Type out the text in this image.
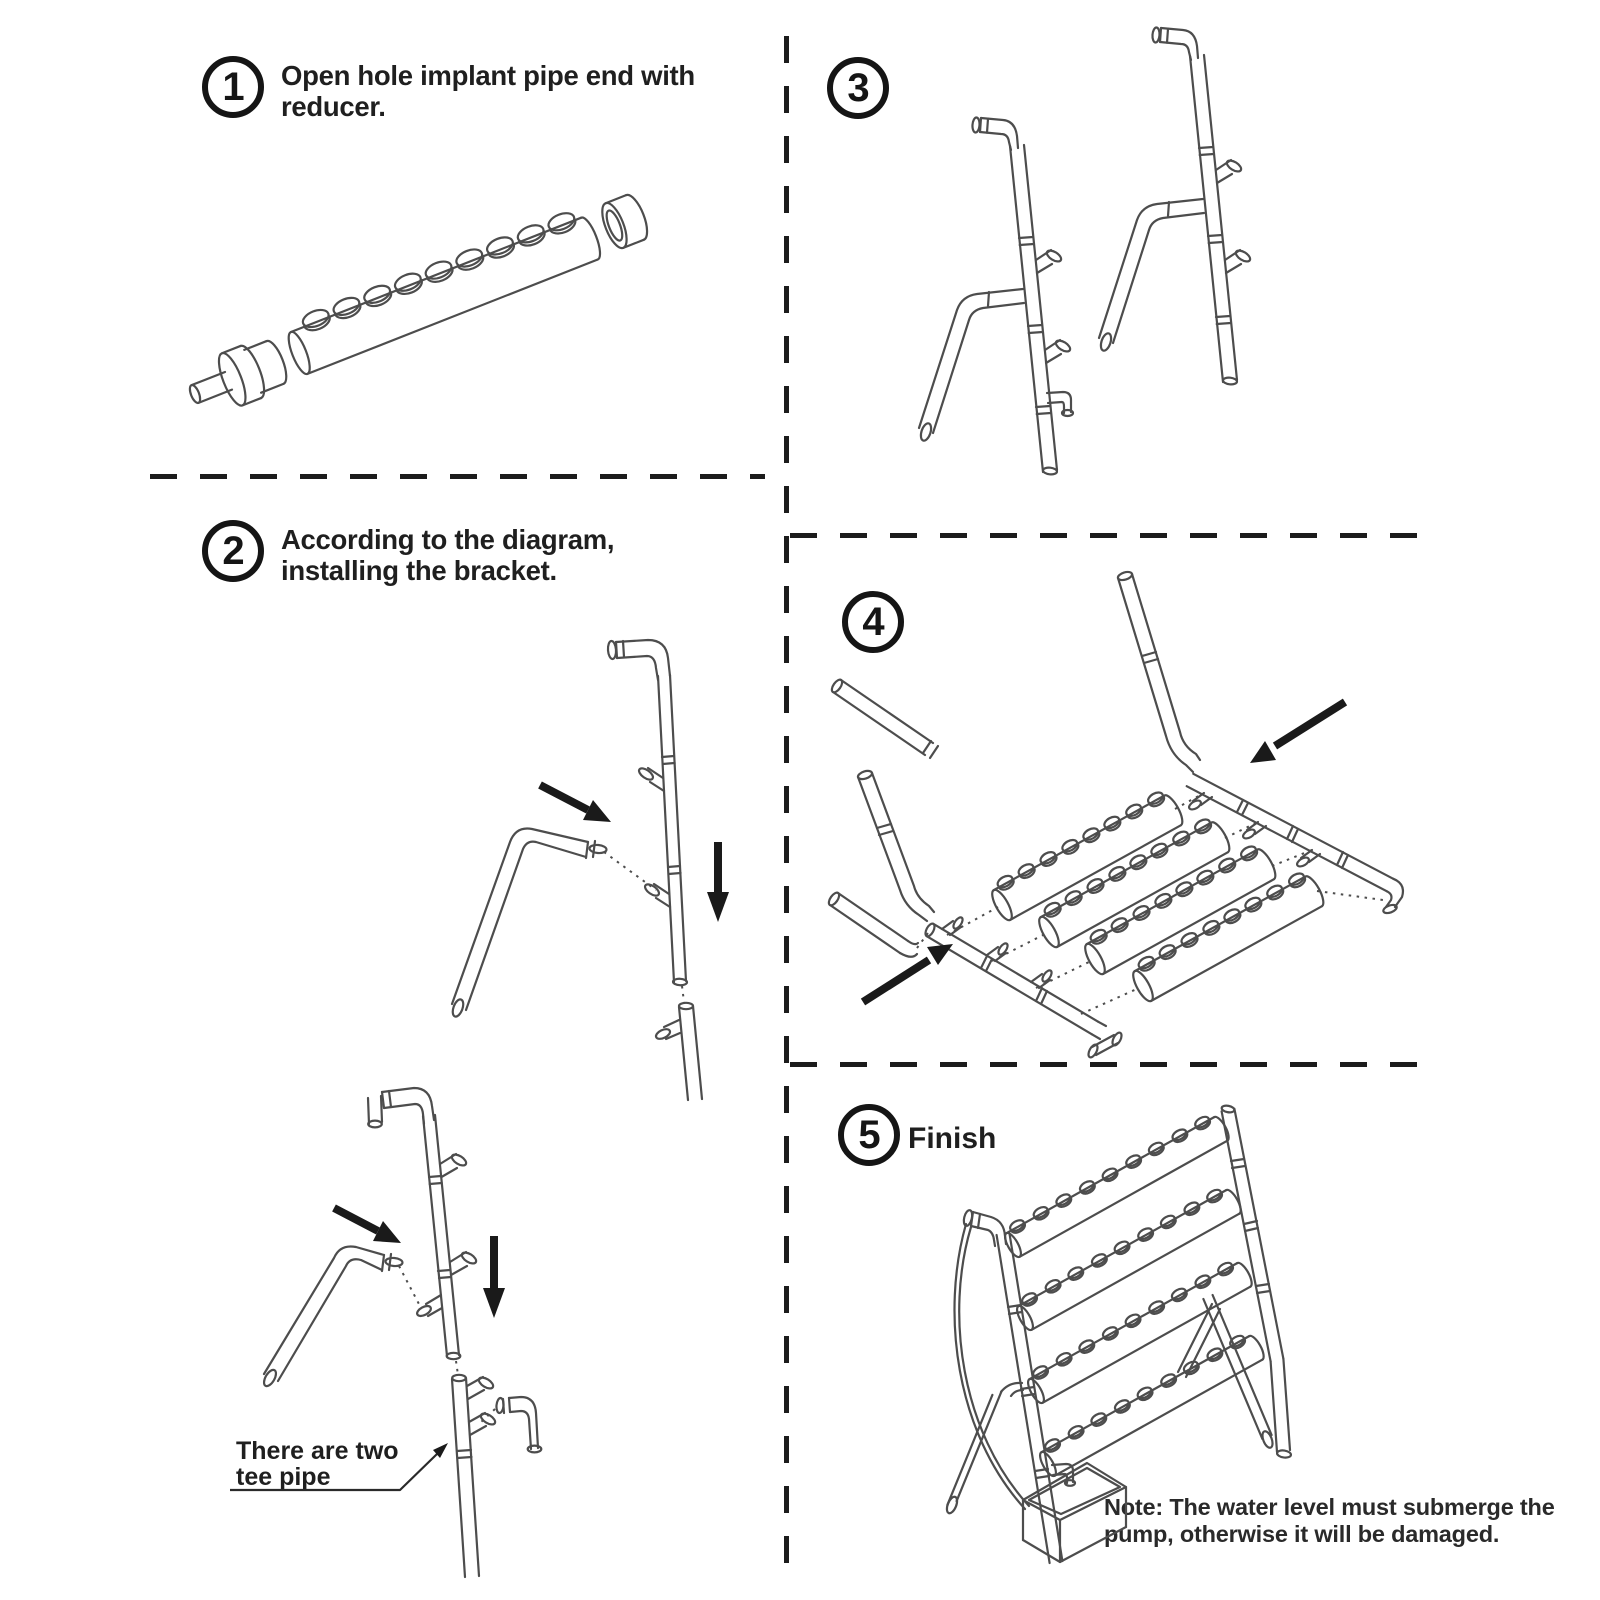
1 Open hole implant pipe end with reducer.
2 According to the diagram, installing the bracket.
3
4
5 Finish
There are two tee pipe
Note: The water level must submerge the pump, otherwise it will be damaged.
